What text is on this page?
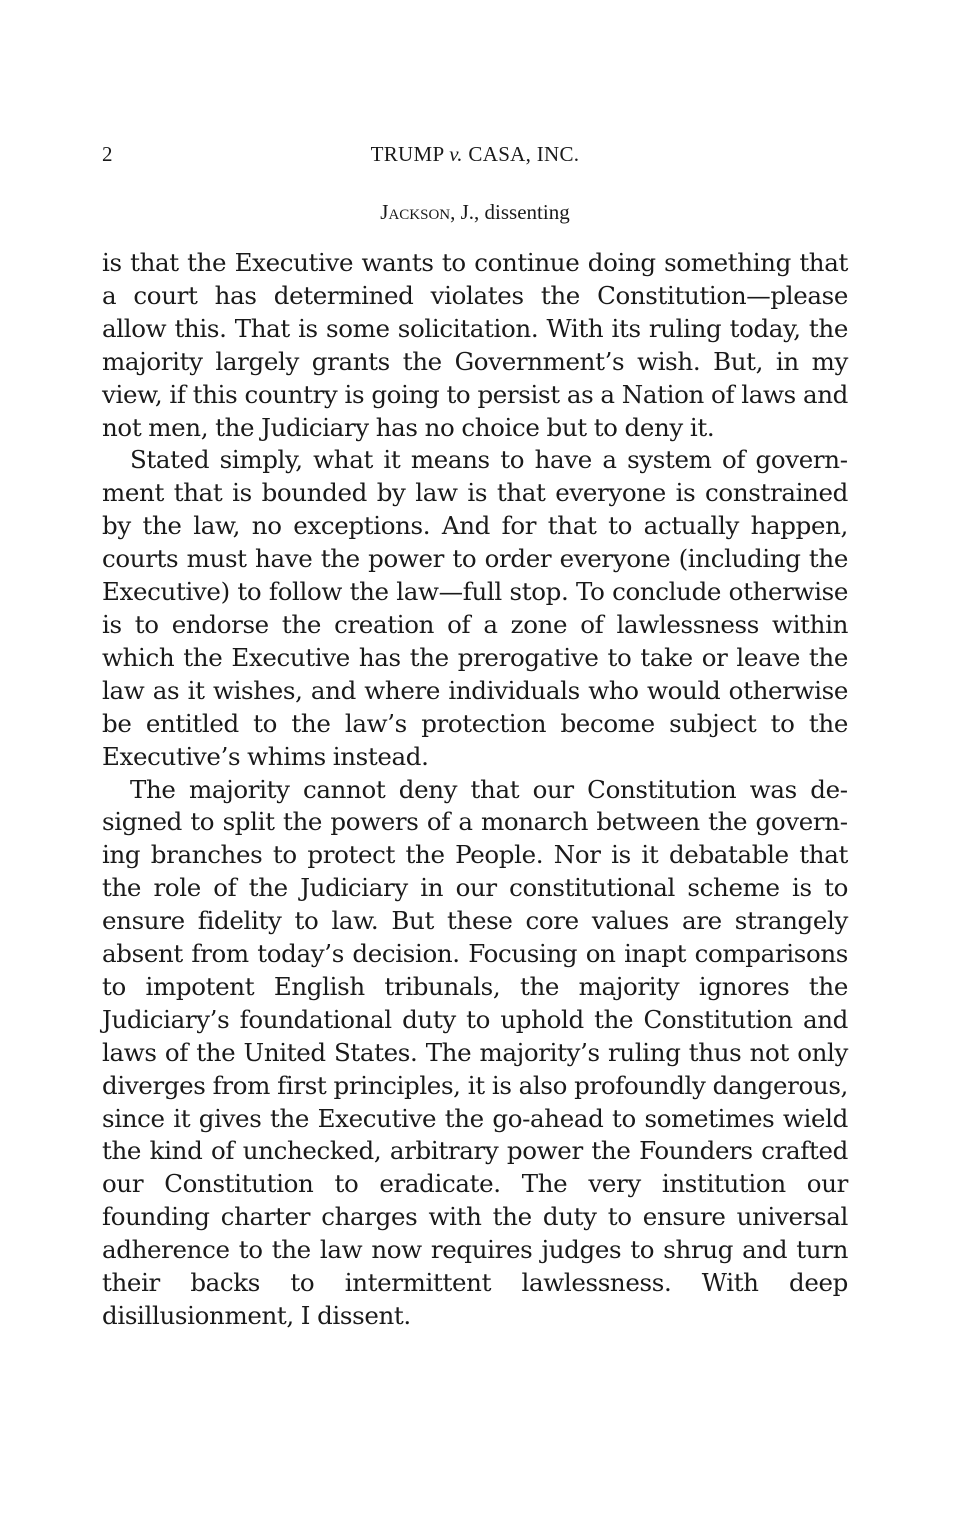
2	TRUMP v. CASA, INC.
Jackson, J., dissenting

is that the Executive wants to continue doing something that a court has determined violates the Constitution—please allow this. That is some solicitation. With its ruling today, the majority largely grants the Government’s wish. But, in my view, if this country is going to persist as a Nation of laws and not men, the Judiciary has no choice but to deny it.

Stated simply, what it means to have a system of government that is bounded by law is that everyone is constrained by the law, no exceptions. And for that to actually happen, courts must have the power to order everyone (including the Executive) to follow the law—full stop. To conclude otherwise is to endorse the creation of a zone of lawlessness within which the Executive has the prerogative to take or leave the law as it wishes, and where individuals who would otherwise be entitled to the law’s protection become subject to the Executive’s whims instead.

The majority cannot deny that our Constitution was designed to split the powers of a monarch between the governing branches to protect the People. Nor is it debatable that the role of the Judiciary in our constitutional scheme is to ensure fidelity to law. But these core values are strangely absent from today’s decision. Focusing on inapt comparisons to impotent English tribunals, the majority ignores the Judiciary’s foundational duty to uphold the Constitution and laws of the United States. The majority’s ruling thus not only diverges from first principles, it is also profoundly dangerous, since it gives the Executive the go-ahead to sometimes wield the kind of unchecked, arbitrary power the Founders crafted our Constitution to eradicate. The very institution our founding charter charges with the duty to ensure universal adherence to the law now requires judges to shrug and turn their backs to intermittent lawlessness. With deep disillusionment, I dissent.
